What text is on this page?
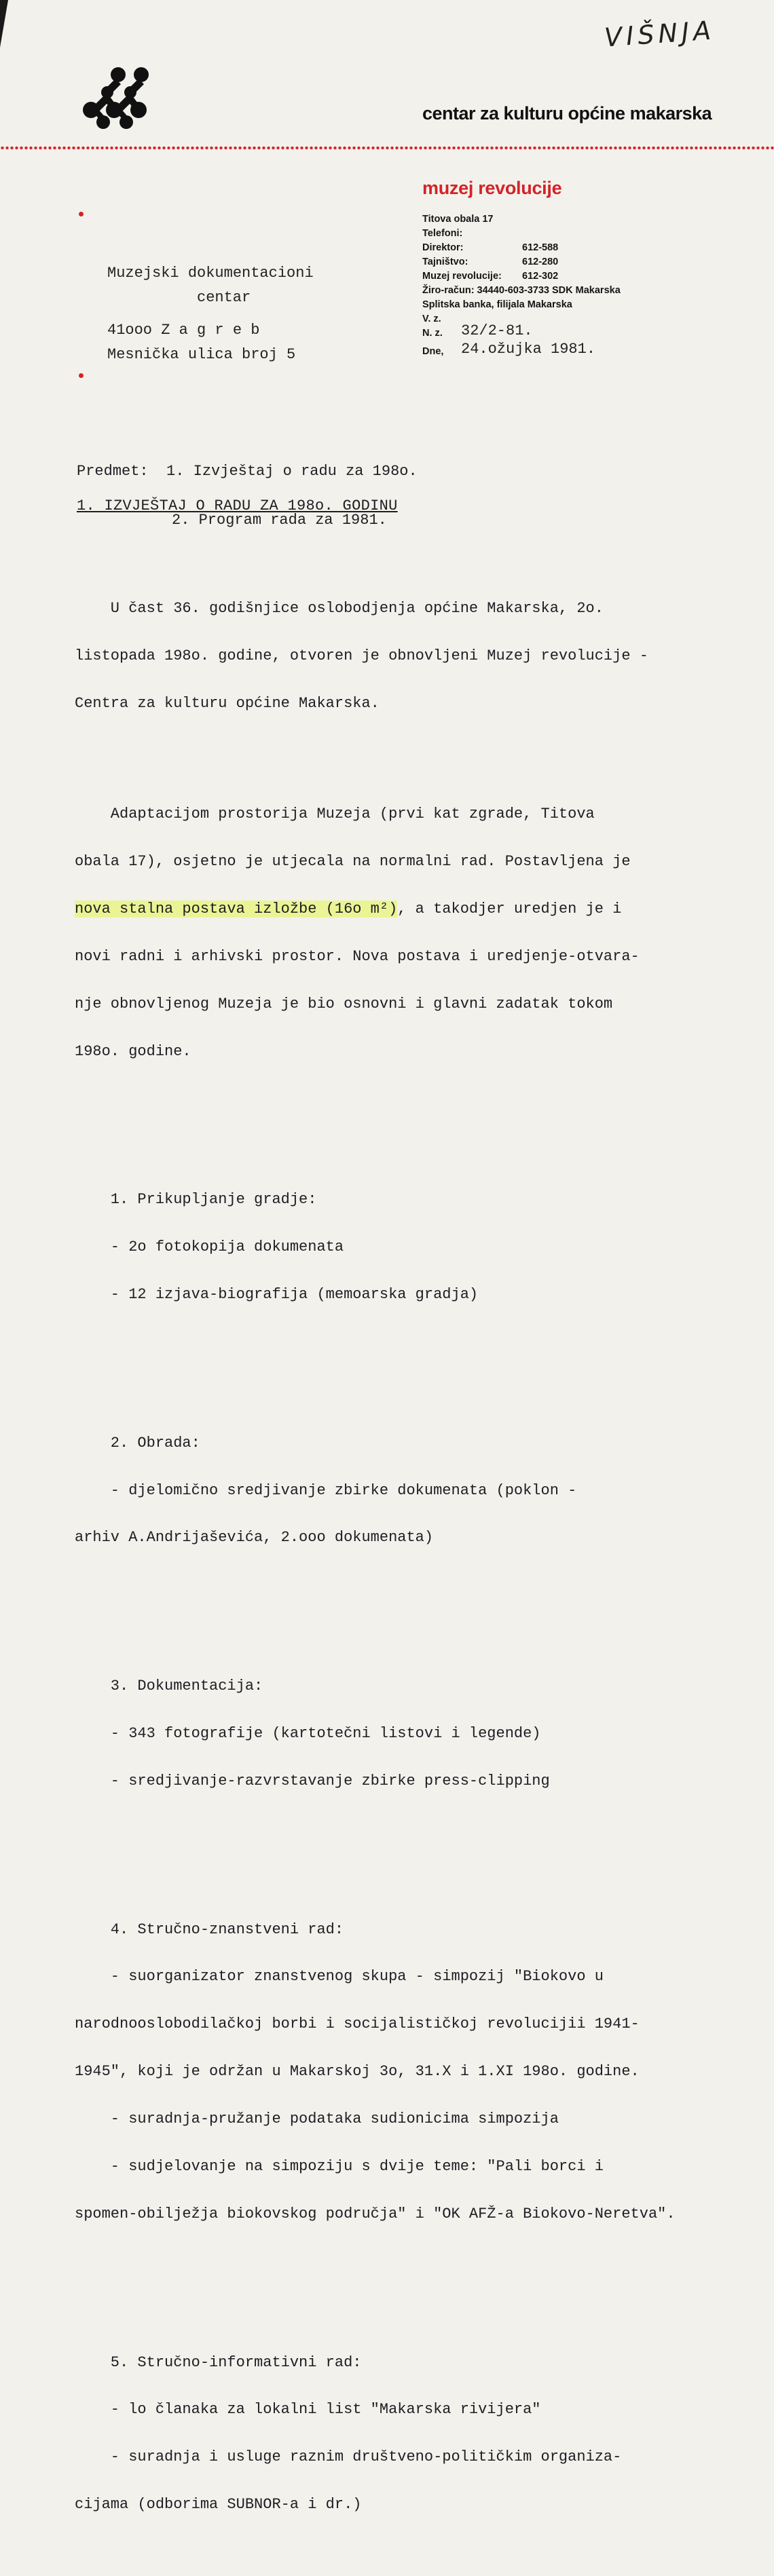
VIŠNJA
centar za kulturu općine makarska
muzej revolucije
Titova obala 17
Telefoni:
Direktor:	612-588
Tajništvo:	612-280
Muzej revolucije: 612-302
Žiro-račun: 34440-603-3733 SDK Makarska
Splitska banka, filijala Makarska
V. z.
N. z. 32/2-81.
Dne, 24.ožujka 1981.
Muzejski dokumentacioni
centar
41ooo Z a g r e b
Mesnička ulica broj 5

Predmet: 1. Izvještaj o radu za 198o.

2. Program rada za 1981.

1. IZVJEŠTAJ O RADU ZA 198o. GODINU

U čast 36. godišnjice oslobodjenja općine Makarska, 2o.

listopada 198o. godine, otvoren je obnovljeni Muzej revolucije -

Centra za kulturu općine Makarska.

Adaptacijom prostorija Muzeja (prvi kat zgrade, Titova

obala 17), osjetno je utjecala na normalni rad. Postavljena je

nova stalna postava izložbe (16o m²), a takodjer uredjen je i

novi radni i arhivski prostor. Nova postava i uredjenje-otvara-

nje obnovljenog Muzeja je bio osnovni i glavni zadatak tokom

198o. godine.

1. Prikupljanje gradje:

- 2o fotokopija dokumenata

- 12 izjava-biografija (memoarska gradja)

2. Obrada:

- djelomično sredjivanje zbirke dokumenata (poklon -

arhiv A.Andrijaševića, 2.ooo dokumenata)

3. Dokumentacija:

- 343 fotografije (kartotečni listovi i legende)

- sredjivanje-razvrstavanje zbirke press-clipping

4. Stručno-znanstveni rad:

- suorganizator znanstvenog skupa - simpozij "Biokovo u

narodnooslobodilačkoj borbi i socijalističkoj revolucijii 1941-

1945", koji je održan u Makarskoj 3o, 31.X i 1.XI 198o. godine.

- suradnja-pružanje podataka sudionicima simpozija

- sudjelovanje na simpoziju s dvije teme: "Pali borci i

spomen-obilježja biokovskog područja" i "OK AFŽ-a Biokovo-Neretva".

5. Stručno-informativni rad:

- lo članaka za lokalni list "Makarska rivijera"

- suradnja i usluge raznim društveno-političkim organiza-

cijama (odborima SUBNOR-a i dr.)
